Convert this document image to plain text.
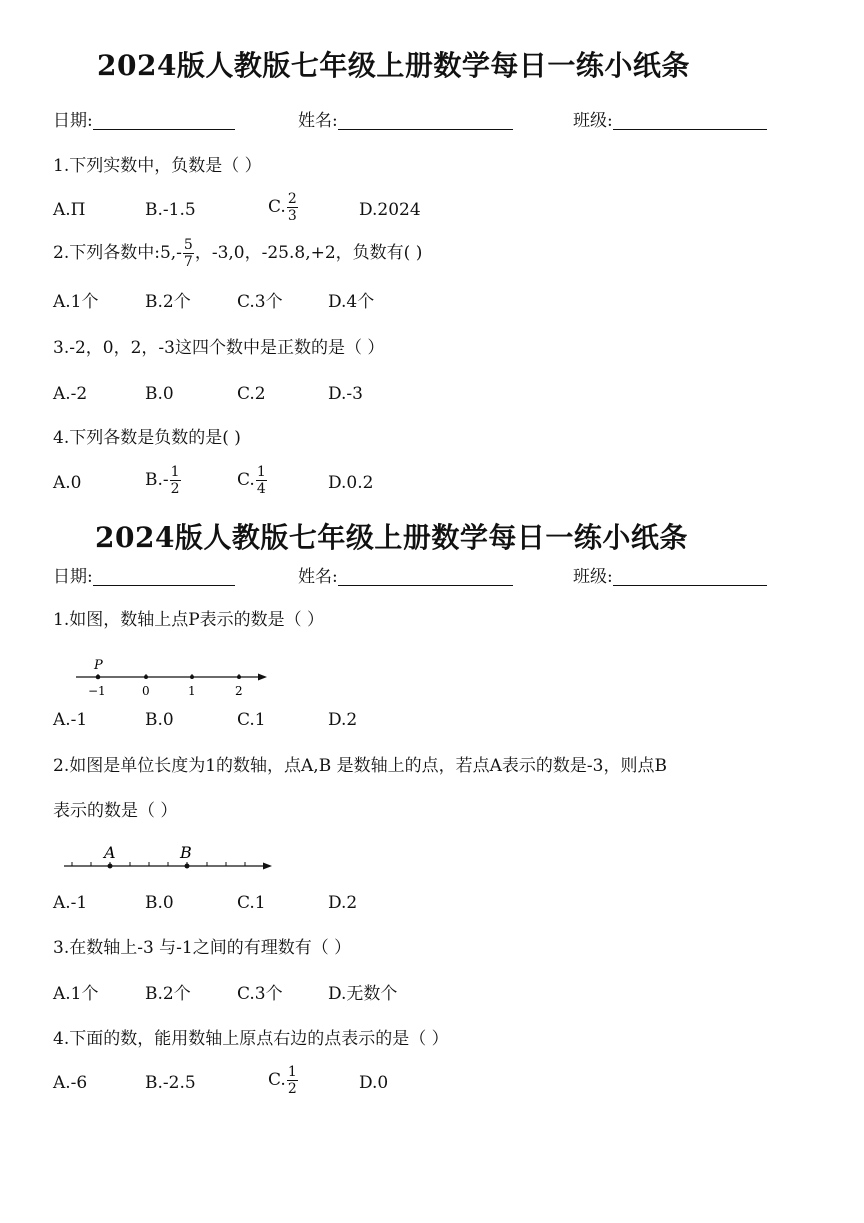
2024版人教版七年级上册数学每日一练小纸条
日期:	姓名:	班级:
1.下列实数中，负数是（ ）
A.Π	B.-1.5	C. $\frac{2}{3}$	D.2024
2.下列各数中:5,- $\frac{5}{7}$ ，-3,0，-25.8,+2，负数有( )
A.1个	B.2个	C.3个	D.4个
3.-2，0，2，-3这四个数中是正数的是（ ）
A.-2	B.0	C.2	D.-3
4.下列各数是负数的是( )
A.0	$B.- \frac{1}{2}$	C. $\frac{1}{4}$	D.0.2
2024版人教版七年级上册数学每日一练小纸条
日期:	姓名:	班级:
1.如图，数轴上点P表示的数是（ ）
P
−1	0	1	2
A.-1	B.0	C.1	D.2
2.如图是单位长度为1的数轴，点A,B 是数轴上的点，若点A表示的数是-3，则点B
表示的数是（ ）
A	B
A.-1	B.0	C.1	D.2
3.在数轴上-3 与-1之间的有理数有（ ）
A.1个	B.2个	C.3个	D.无数个
4.下面的数，能用数轴上原点右边的点表示的是（ ）
A.-6	B.-2.5	C. $\frac{1}{2}$	D.0
